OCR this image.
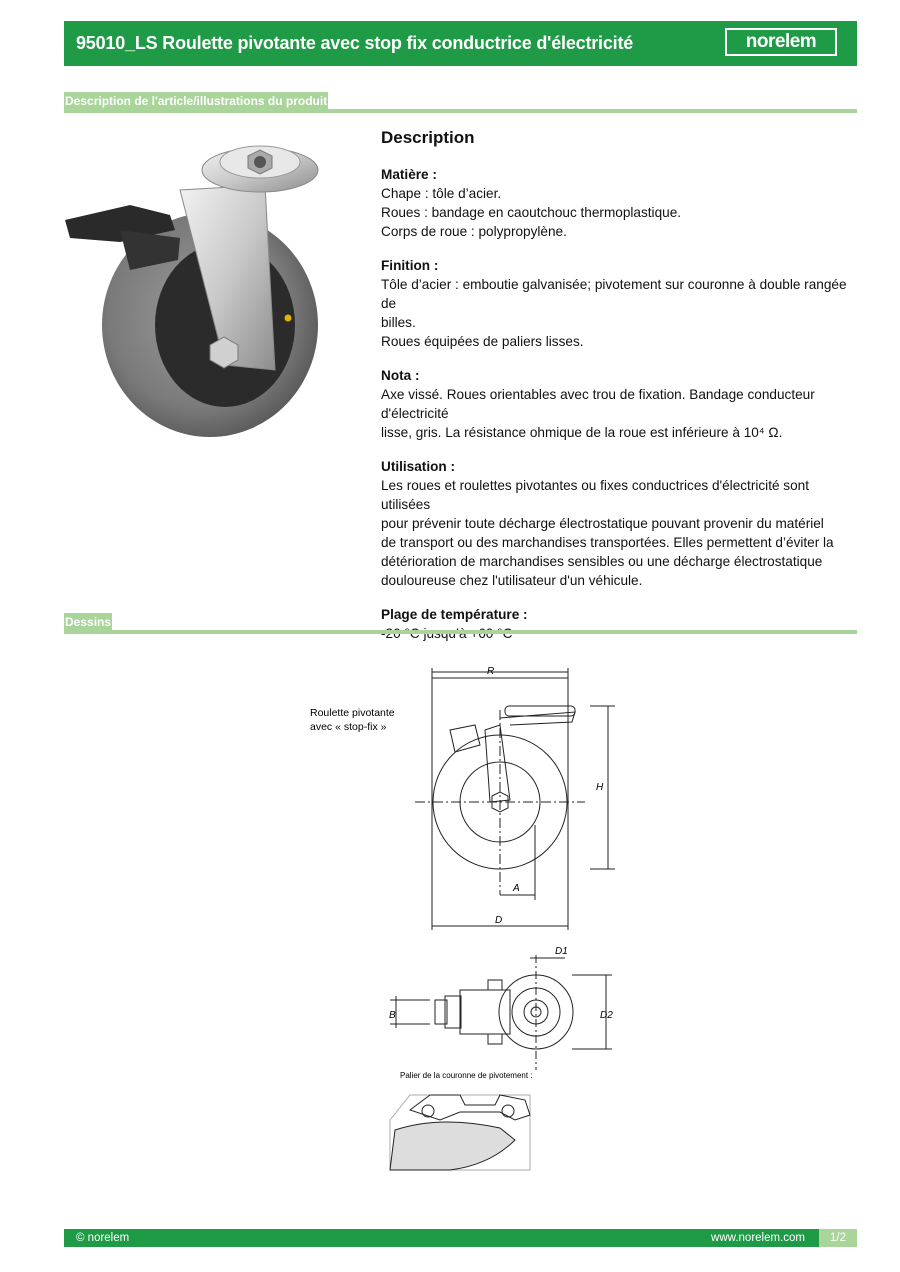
95010_LS Roulette pivotante avec stop fix conductrice d'électricité	norelem
Description de l'article/illustrations du produit
Description
Matière :
Chape : tôle d’acier.
Roues : bandage en caoutchouc thermoplastique.
Corps de roue : polypropylène.
Finition :
Tôle d’acier : emboutie galvanisée; pivotement sur couronne à double rangée de
billes.
Roues équipées de paliers lisses.
Nota :
Axe vissé. Roues orientables avec trou de fixation. Bandage conducteur d'électricité
lisse, gris. La résistance ohmique de la roue est inférieure à 10⁴ Ω.
Utilisation :
Les roues et roulettes pivotantes ou fixes conductrices d'électricité sont utilisées
pour prévenir toute décharge électrostatique pouvant provenir du matériel
de transport ou des marchandises transportées. Elles permettent d’éviter la
détérioration de marchandises sensibles ou une décharge électrostatique
douloureuse chez l'utilisateur d'un véhicule.
Plage de température :
Dessins
Roulette pivotante
avec « stop-fix »
R
H
A
D
D1
D2
B
Palier de la couronne de pivotement :
© norelem	www.norelem.com	1/2
